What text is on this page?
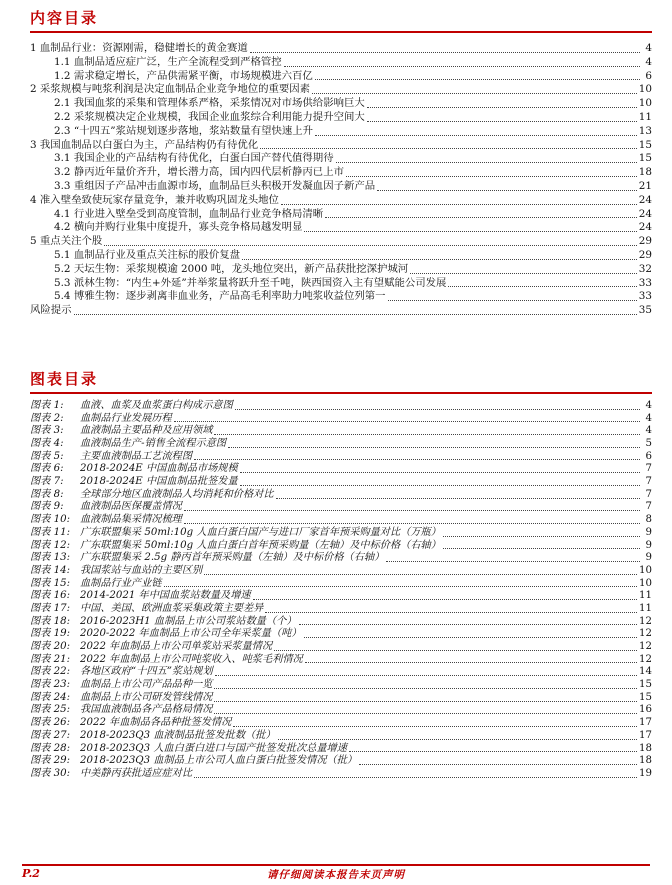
内容目录
1 血制品行业：资源刚需，稳健增长的黄金赛道	4
1.1 血制品适应症广泛，生产全流程受到严格管控	4
1.2 需求稳定增长，产品供需紧平衡，市场规模进六百亿	6
2 采浆规模与吨浆利润是决定血制品企业竞争地位的重要因素	10
2.1 我国血浆的采集和管理体系严格，采浆情况对市场供给影响巨大	10
2.2 采浆规模决定企业规模，我国企业血浆综合利用能力提升空间大	11
2.3 “十四五”浆站规划逐步落地，浆站数量有望快速上升	13
3 我国血制品以白蛋白为主，产品结构仍有待优化	15
3.1 我国企业的产品结构有待优化，白蛋白国产替代值得期待	15
3.2 静丙近年量价齐升，增长潜力高，国内四代层析静丙已上市	18
3.3 重组因子产品冲击血源市场，血制品巨头积极开发凝血因子新产品	21
4 准入壁垒致使玩家存量竞争，兼并收购巩固龙头地位	24
4.1 行业进入壁垒受到高度管制，血制品行业竞争格局清晰	24
4.2 横向并购行业集中度提升，寡头竞争格局越发明显	24
5 重点关注个股	29
5.1 血制品行业及重点关注标的股价复盘	29
5.2 天坛生物：采浆规模逾 2000 吨，龙头地位突出，新产品获批挖深护城河	32
5.3 派林生物：“内生+外延”并举浆量将跃升至千吨，陕西国资入主有望赋能公司发展	33
5.4 博雅生物：逐步剥离非血业务，产品高毛利率助力吨浆收益位列第一	33
风险提示	35
图表目录
图表 1:	血液、血浆及血浆蛋白构成示意图	4
图表 2:	血制品行业发展历程	4
图表 3:	血液制品主要品种及应用领域	4
图表 4:	血液制品生产-销售全流程示意图	5
图表 5:	主要血液制品工艺流程图	6
图表 6:	2018-2024E 中国血制品市场规模	7
图表 7:	2018-2024E 中国血制品批签发量	7
图表 8:	全球部分地区血液制品人均消耗和价格对比	7
图表 9:	血液制品医保覆盖情况	7
图表 10: 血液制品集采情况梳理	8
图表 11: 广东联盟集采 50ml:10g 人血白蛋白国产与进口厂家首年预采购量对比（万瓶）	9
图表 12: 广东联盟集采 50ml:10g 人血白蛋白首年预采购量（左轴）及中标价格（右轴）	9
图表 13: 广东联盟集采 2.5g 静丙首年预采购量（左轴）及中标价格（右轴）	9
图表 14: 我国浆站与血站的主要区别	10
图表 15: 血制品行业产业链	10
图表 16: 2014-2021 年中国血浆站数量及增速	11
图表 17: 中国、美国、欧洲血浆采集政策主要差异	11
图表 18: 2016-2023H1 血制品上市公司浆站数量（个）	12
图表 19: 2020-2022 年血制品上市公司全年采浆量（吨）	12
图表 20: 2022 年血制品上市公司单浆站采浆量情况	12
图表 21: 2022 年血制品上市公司吨浆收入、吨浆毛利情况	12
图表 22: 各地区政府“十四五”浆站规划	14
图表 23: 血制品上市公司产品品种一览	15
图表 24: 血制品上市公司研发管线情况	15
图表 25: 我国血液制品各产品格局情况	16
图表 26: 2022 年血制品各品种批签发情况	17
图表 27: 2018-2023Q3 血液制品批签发批数（批）	17
图表 28: 2018-2023Q3 人血白蛋白进口与国产批签发批次总量增速	18
图表 29: 2018-2023Q3 血制品上市公司人血白蛋白批签发情况（批）	18
图表 30: 中美静丙获批适应症对比	19
P.2	请仔细阅读本报告末页声明
